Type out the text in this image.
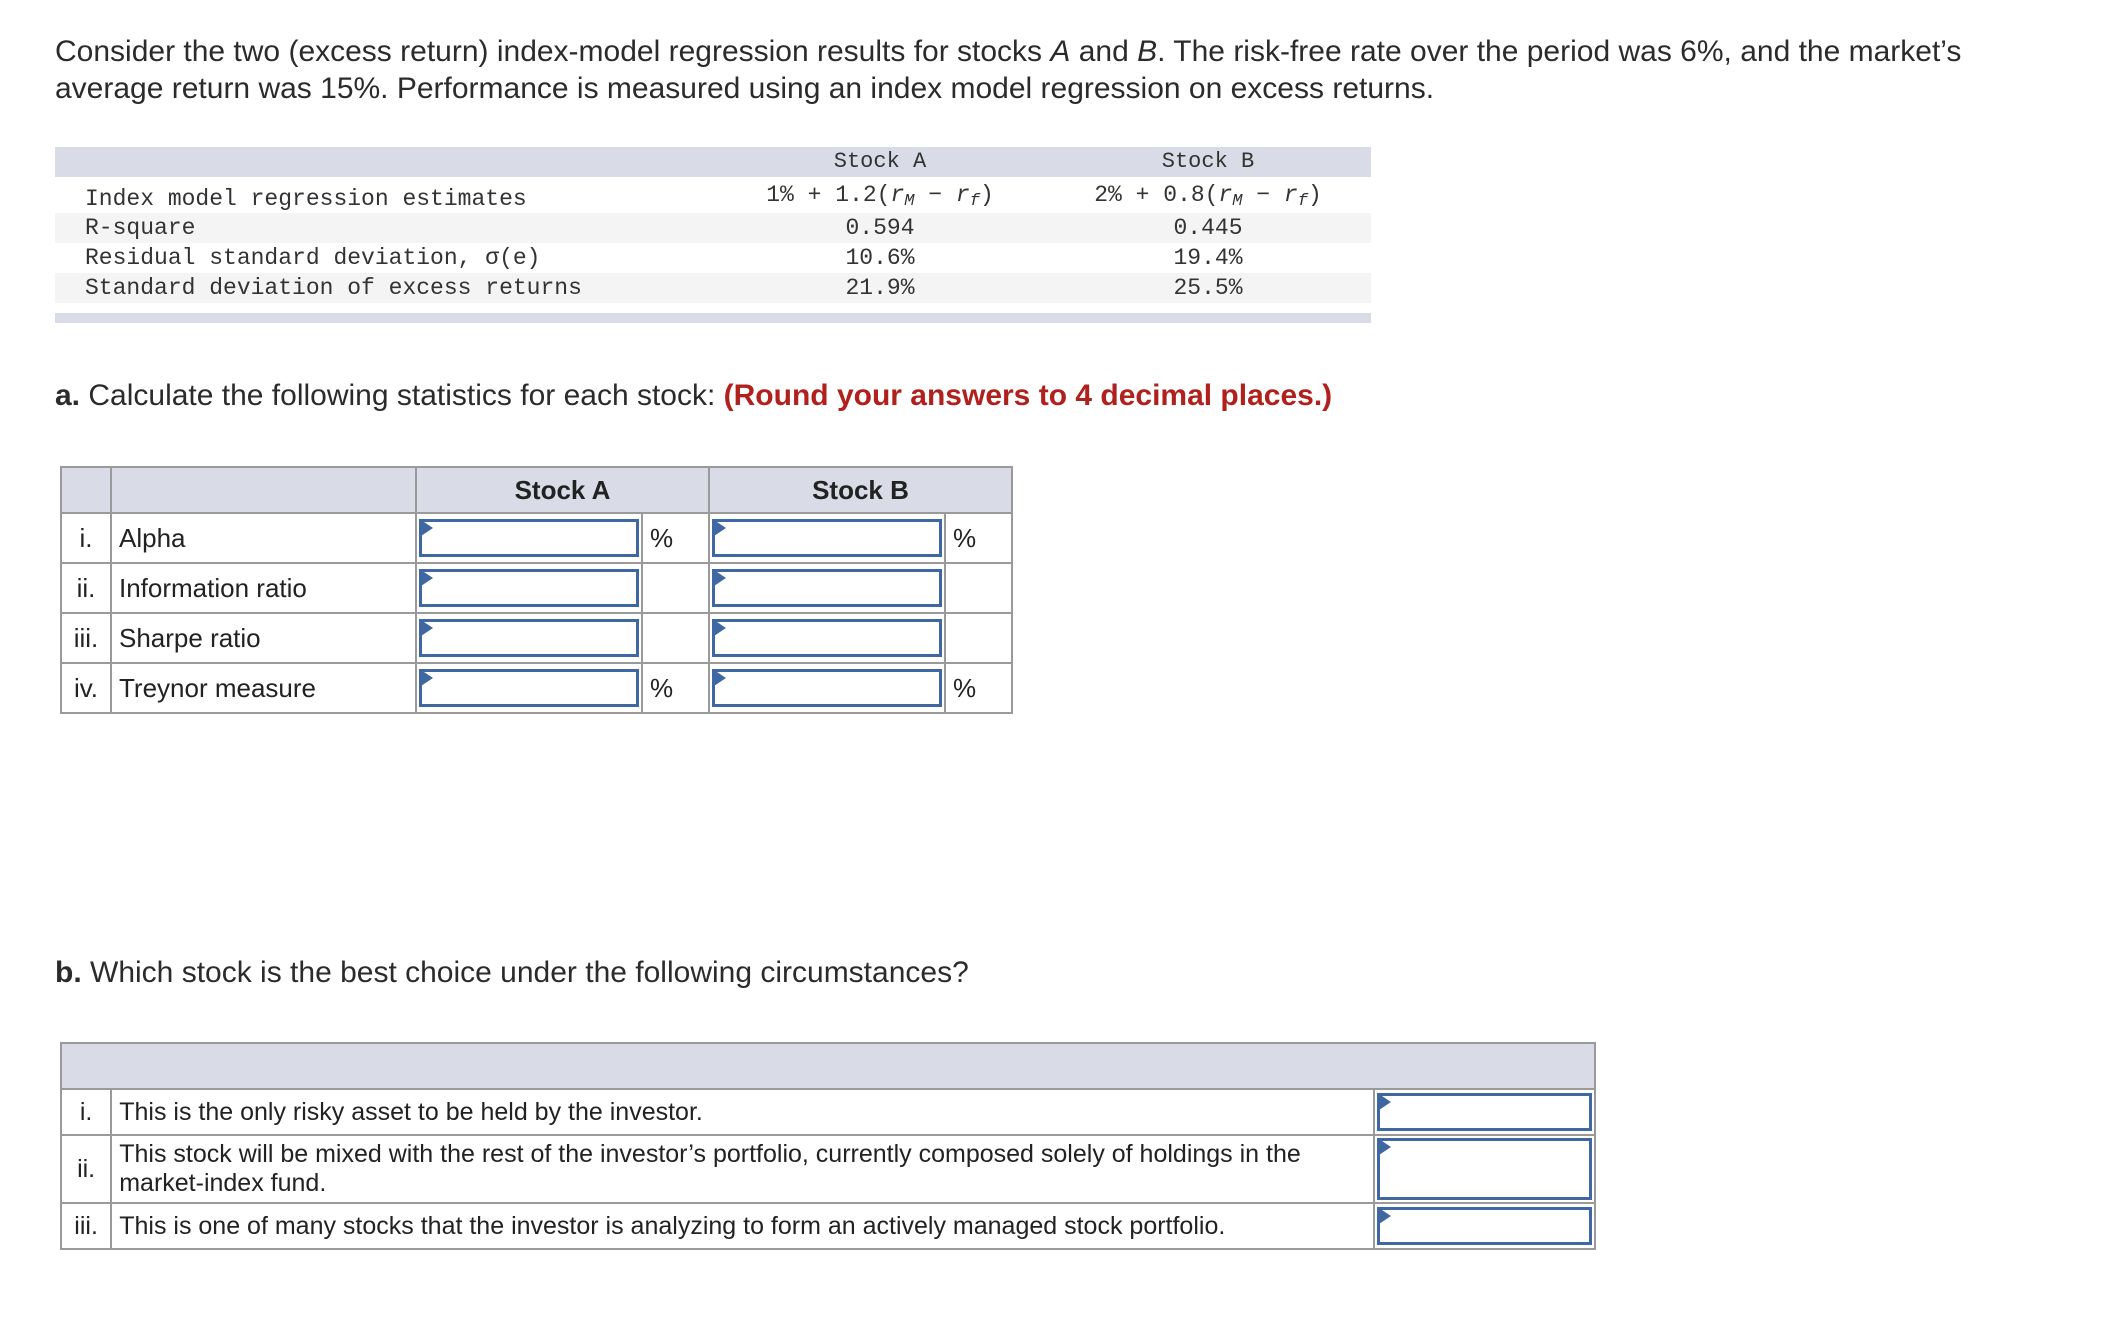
Consider the two (excess return) index-model regression results for stocks A and B. The risk-free rate over the period was 6%, and the market’s average return was 15%. Performance is measured using an index model regression on excess returns.
Stock A	Stock B
Index model regression estimates	$1\% + 1.2(r_M - r_f)$	$2\% + 0.8(r_M - r_f)$
R-square	0.594	0.445
Residual standard deviation, σ(e)	10.6%	19.4%
Standard deviation of excess returns	21.9%	25.5%
a. Calculate the following statistics for each stock: (Round your answers to 4 decimal places.)
		Stock A		Stock B	
i.	Alpha		%		%
ii.	Information ratio	

iii.	Sharpe ratio	

iv.	Treynor measure		%		%
b. Which stock is the best choice under the following circumstances?

i.	This is the only risky asset to be held by the investor.	

ii.	This stock will be mixed with the rest of the investor’s portfolio, currently composed solely of holdings in the market-index fund.	

iii.	This is one of many stocks that the investor is analyzing to form an actively managed stock portfolio.	
